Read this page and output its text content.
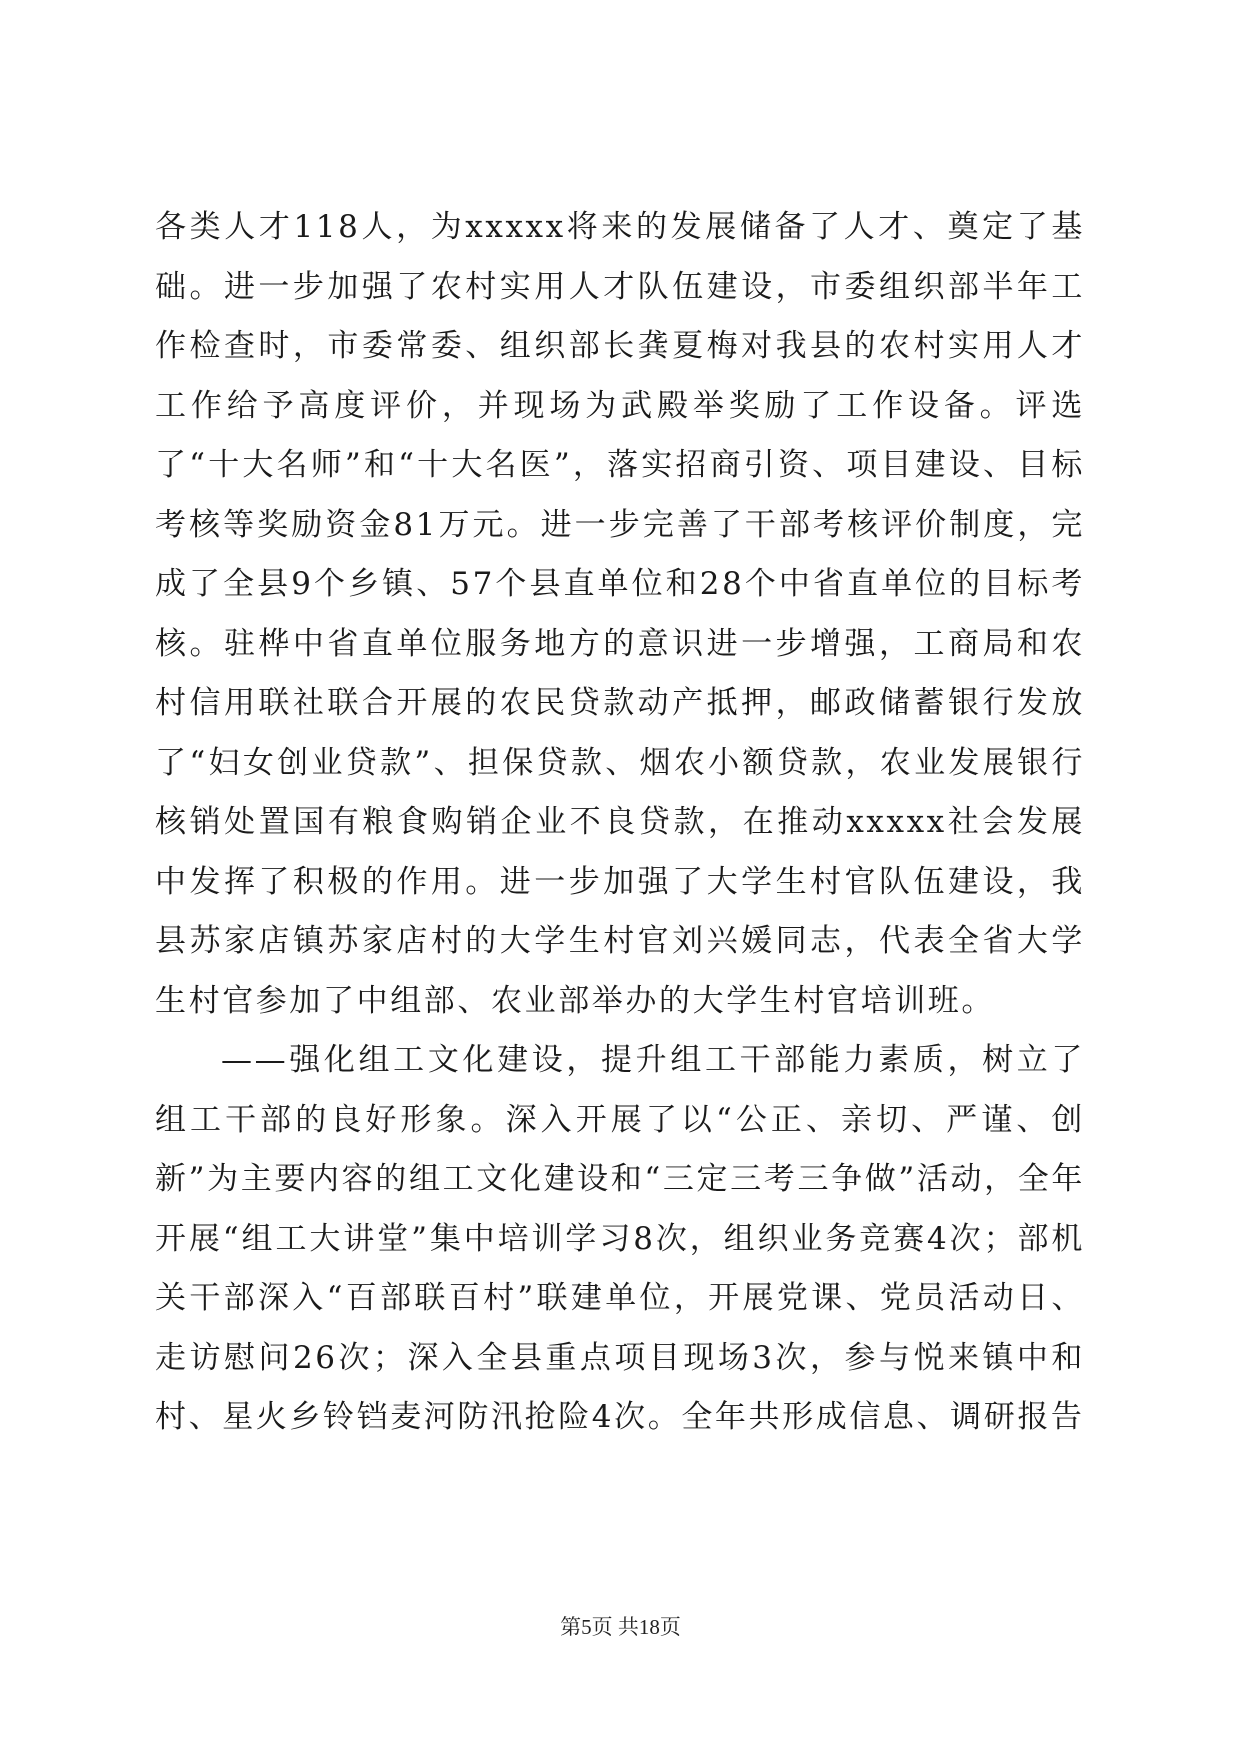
各类人才118人，为xxxxx将来的发展储备了人才、奠定了基础。进一步加强了农村实用人才队伍建设，市委组织部半年工作检查时，市委常委、组织部长龚夏梅对我县的农村实用人才工作给予高度评价，并现场为武殿举奖励了工作设备。评选了“十大名师”和“十大名医”，落实招商引资、项目建设、目标考核等奖励资金81万元。进一步完善了干部考核评价制度，完成了全县9个乡镇、57个县直单位和28个中省直单位的目标考核。驻桦中省直单位服务地方的意识进一步增强，工商局和农村信用联社联合开展的农民贷款动产抵押，邮政储蓄银行发放了“妇女创业贷款”、担保贷款、烟农小额贷款，农业发展银行核销处置国有粮食购销企业不良贷款，在推动xxxxx社会发展中发挥了积极的作用。进一步加强了大学生村官队伍建设，我县苏家店镇苏家店村的大学生村官刘兴媛同志，代表全省大学生村官参加了中组部、农业部举办的大学生村官培训班。

——强化组工文化建设，提升组工干部能力素质，树立了组工干部的良好形象。深入开展了以“公正、亲切、严谨、创新”为主要内容的组工文化建设和“三定三考三争做”活动，全年开展“组工大讲堂”集中培训学习8次，组织业务竞赛4次；部机关干部深入“百部联百村”联建单位，开展党课、党员活动日、走访慰问26次；深入全县重点项目现场3次，参与悦来镇中和村、星火乡铃铛麦河防汛抢险4次。全年共形成信息、调研报告

第5页 共18页
